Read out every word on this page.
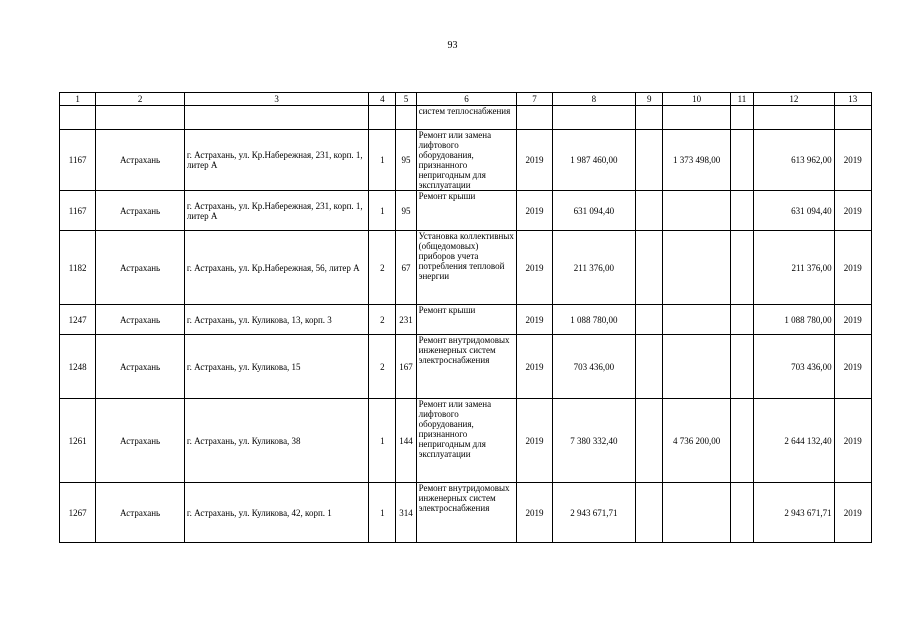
93
1	2	3	4	5	6	7	8	9	10	11	12	13
					систем теплоснабжения							
1167	Астрахань	г. Астрахань, ул. Кр.Набережная, 231, корп. 1, литер А	1	95	Ремонт или замена лифтового оборудования, признанного непригодным для эксплуатации	2019	1 987 460,00		1 373 498,00		613 962,00	2019
1167	Астрахань	г. Астрахань, ул. Кр.Набережная, 231, корп. 1, литер А	1	95	Ремонт крыши	2019	631 094,40				631 094,40	2019
1182	Астрахань	г. Астрахань, ул. Кр.Набережная, 56, литер А	2	67	Установка коллективных (общедомовых) приборов учета потребления тепловой энергии	2019	211 376,00				211 376,00	2019
1247	Астрахань	г. Астрахань, ул. Куликова, 13, корп. 3	2	231	Ремонт крыши	2019	1 088 780,00				1 088 780,00	2019
1248	Астрахань	г. Астрахань, ул. Куликова, 15	2	167	Ремонт внутридомовых инженерных систем электроснабжения	2019	703 436,00				703 436,00	2019
1261	Астрахань	г. Астрахань, ул. Куликова, 38	1	144	Ремонт или замена лифтового оборудования, признанного непригодным для эксплуатации	2019	7 380 332,40		4 736 200,00		2 644 132,40	2019
1267	Астрахань	г. Астрахань, ул. Куликова, 42, корп. 1	1	314	Ремонт внутридомовых инженерных систем электроснабжения	2019	2 943 671,71				2 943 671,71	2019
